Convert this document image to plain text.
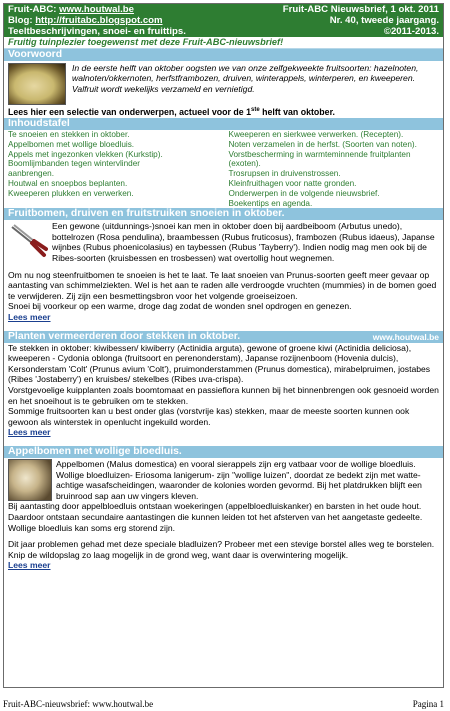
Fruit-ABC: www.houtwal.be	Fruit-ABC Nieuwsbrief, 1 okt. 2011
Blog: http://fruitabc.blogspot.com	Nr. 40, tweede jaargang.
Teeltbeschrijvingen, snoei- en fruittips.	©2011-2013.
Fruitig tuinplezier toegewenst met deze Fruit-ABC-nieuwsbrief!
Voorwoord
In de eerste helft van oktober oogsten we van onze zelfgekweekte fruitsoorten: hazelnoten, walnoten/okkernoten, herfstframbozen, druiven, winterappels, winterperen, en kweeperen.
Valfruit wordt wekelijks verzameld en vernietigd.
Lees hier een selectie van onderwerpen, actueel voor de 1ste helft van oktober.
Inhoudstafel
Te snoeien en stekken in oktober.
Appelbomen met wollige bloedluis.
Appels met ingezonken vlekken (Kurkstip).
Boomlijmbanden tegen wintervlinder
aanbrengen.
Houtwal en snoepbos beplanten.
Kweeperen plukken en verwerken.
Kweeperen en sierkwee verwerken. (Recepten).
Noten verzamelen in de herfst. (Soorten van noten).
Vorstbescherming in warmteminnende fruitplanten
(exoten).
Trosrupsen in druivenstrossen.
Kleinfruithagen voor natte gronden.
Onderwerpen in de volgende nieuwsbrief.
Boekentips en agenda.
Fruitbomen, druiven en fruitstruiken snoeien in oktober.

Een gewone (uitdunnings-)snoei kan men in oktober doen bij aardbeiboom (Arbutus unedo), bottelrozen (Rosa pendulina), braambessen (Rubus fruticosus), frambozen (Rubus idaeus), Japanse wijnbes (Rubus phoenicolasius) en taybessen (Rubus 'Tayberry'). Indien nodig mag men ook bij de Ribes-soorten (kruisbessen en trosbessen) wat overtollig hout wegnemen.

Om nu nog steenfruitbomen te snoeien is het te laat. Te laat snoeien van Prunus-soorten geeft meer gevaar op aantasting van schimmelziekten. Wel is het aan te raden alle verdroogde vruchten (mummies) in de bomen goed te verwijderen. Zij zijn een besmettingsbron voor het volgende groeiseizoen.

Snoei bij voorkeur op een warme, droge dag zodat de wonden snel opdrogen en genezen.

Lees meer

Planten vermeerderen door stekken in oktober.	www.houtwal.be

Te stekken in oktober: kiwibessen/ kiwiberry (Actinidia arguta), gewone of groene kiwi (Actinidia deliciosa), kweeperen - Cydonia oblonga (fruitsoort en perenonderstam), Japanse rozijnenboom (Hovenia dulcis), Kersonderstam 'Colt' (Prunus avium 'Colt'), pruimonderstammen (Prunus domestica), mirabelpruimen, jostabes (Ribes 'Jostaberry') en kruisbes/ stekelbes (Ribes uva-crispa).

Vorstgevoelige kuipplanten zoals boomtomaat en passieflora kunnen bij het binnenbrengen ook gesnoeid worden en het snoeihout is te gebruiken om te stekken.

Sommige fruitsoorten kan u best onder glas (vorstvrije kas) stekken, maar de meeste soorten kunnen ook gewoon als winterstek in openlucht ingekuild worden.

Lees meer

Appelbomen met wollige bloedluis.

Appelbomen (Malus domestica) en vooral sierappels zijn erg vatbaar voor de wollige bloedluis.

Wollige bloedluizen- Eriosoma lanigerum- zijn "wollige luizen", doordat ze bedekt zijn met watte-achtige wasafscheidingen, waaronder de kolonies worden gevormd. Bij het platdrukken blijft een bruinrood sap aan uw vingers kleven.

Bij aantasting door appelbloedluis ontstaan woekeringen (appelbloedluiskanker) en barsten in het oude hout. Daardoor ontstaan secundaire aantastingen die kunnen leiden tot het afsterven van het aangetaste gedeelte. Wollige bloedluis kan soms erg storend zijn.

Dit jaar problemen gehad met deze speciale bladluizen? Probeer met een stevige borstel alles weg te borstelen. Knip de wildopslag zo laag mogelijk in de grond weg, want daar is overwintering mogelijk.

Lees meer

Fruit-ABC-nieuwsbrief: www.houtwal.be	Pagina 1
